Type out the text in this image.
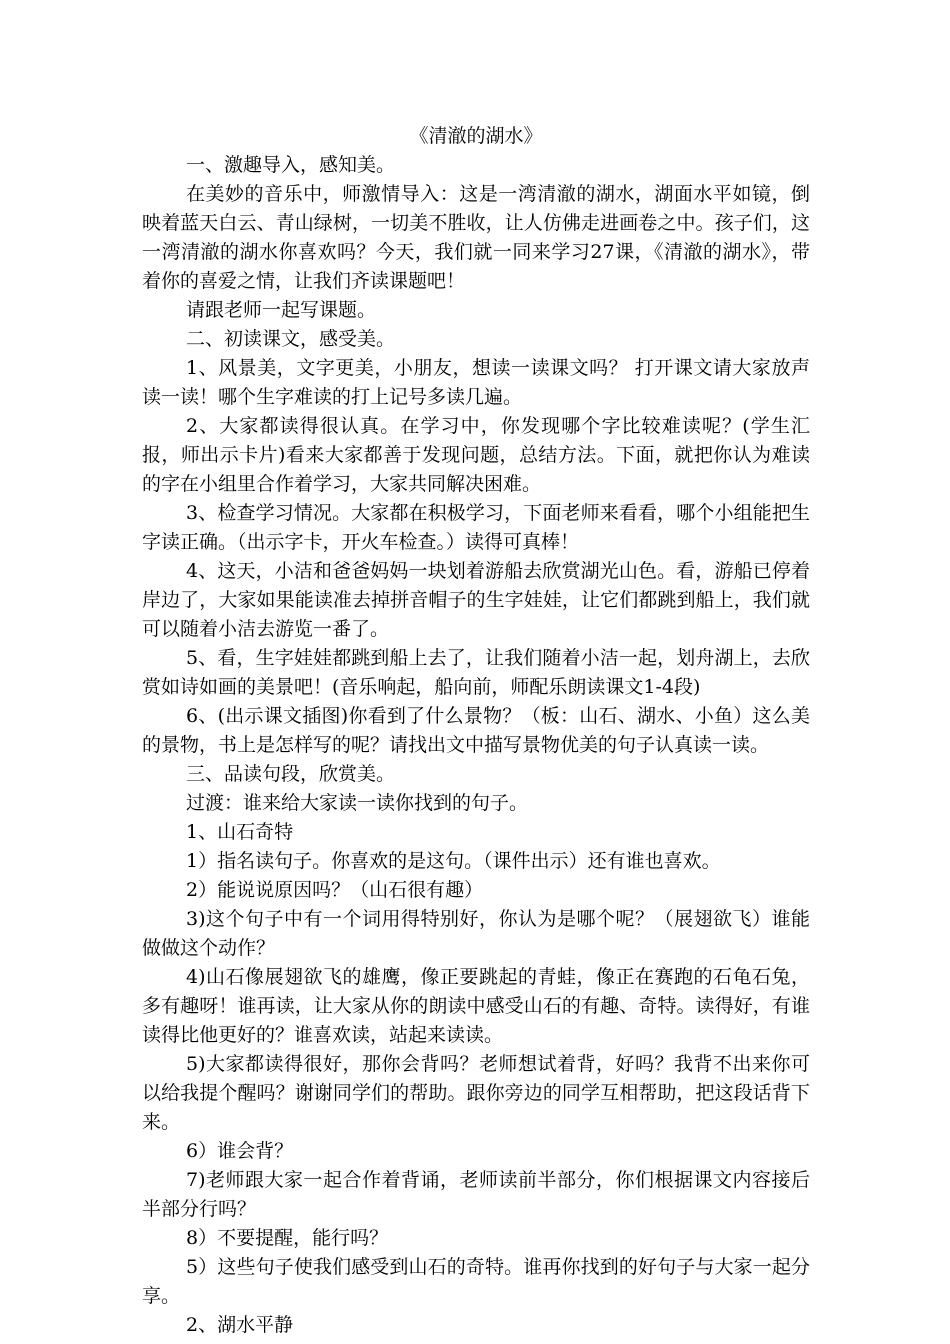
《清澈的湖水》

一、激趣导入，感知美。

在美妙的音乐中，师激情导入：这是一湾清澈的湖水，湖面水平如镜，倒映着蓝天白云、青山绿树，一切美不胜收，让人仿佛走进画卷之中。孩子们，这一湾清澈的湖水你喜欢吗？今天，我们就一同来学习27课，《清澈的湖水》，带着你的喜爱之情，让我们齐读课题吧！

请跟老师一起写课题。

二、初读课文，感受美。

1、风景美，文字更美，小朋友，想读一读课文吗？ 打开课文请大家放声读一读！哪个生字难读的打上记号多读几遍。

2、大家都读得很认真。在学习中，你发现哪个字比较难读呢？(学生汇报，师出示卡片)看来大家都善于发现问题，总结方法。下面，就把你认为难读的字在小组里合作着学习，大家共同解决困难。

3、检查学习情况。大家都在积极学习，下面老师来看看，哪个小组能把生字读正确。（出示字卡，开火车检查。）读得可真棒！

4、这天，小洁和爸爸妈妈一块划着游船去欣赏湖光山色。看，游船已停着岸边了，大家如果能读准去掉拼音帽子的生字娃娃，让它们都跳到船上，我们就可以随着小洁去游览一番了。

5、看，生字娃娃都跳到船上去了，让我们随着小洁一起，划舟湖上，去欣赏如诗如画的美景吧！(音乐响起，船向前，师配乐朗读课文1-4段)

6、(出示课文插图)你看到了什么景物？（板：山石、湖水、小鱼）这么美的景物，书上是怎样写的呢？请找出文中描写景物优美的句子认真读一读。

三、品读句段，欣赏美。

过渡：谁来给大家读一读你找到的句子。

1、山石奇特

1）指名读句子。你喜欢的是这句。（课件出示）还有谁也喜欢。

2）能说说原因吗？（山石很有趣）

3)这个句子中有一个词用得特别好，你认为是哪个呢？（展翅欲飞）谁能做做这个动作？

4)山石像展翅欲飞的雄鹰，像正要跳起的青蛙，像正在赛跑的石龟石兔，多有趣呀！谁再读，让大家从你的朗读中感受山石的有趣、奇特。读得好，有谁读得比他更好的？谁喜欢读，站起来读读。

5)大家都读得很好，那你会背吗？老师想试着背，好吗？我背不出来你可以给我提个醒吗？谢谢同学们的帮助。跟你旁边的同学互相帮助，把这段话背下来。

6）谁会背？

7)老师跟大家一起合作着背诵，老师读前半部分，你们根据课文内容接后半部分行吗？

8）不要提醒，能行吗？

5）这些句子使我们感受到山石的奇特。谁再你找到的好句子与大家一起分享。

2、湖水平静
